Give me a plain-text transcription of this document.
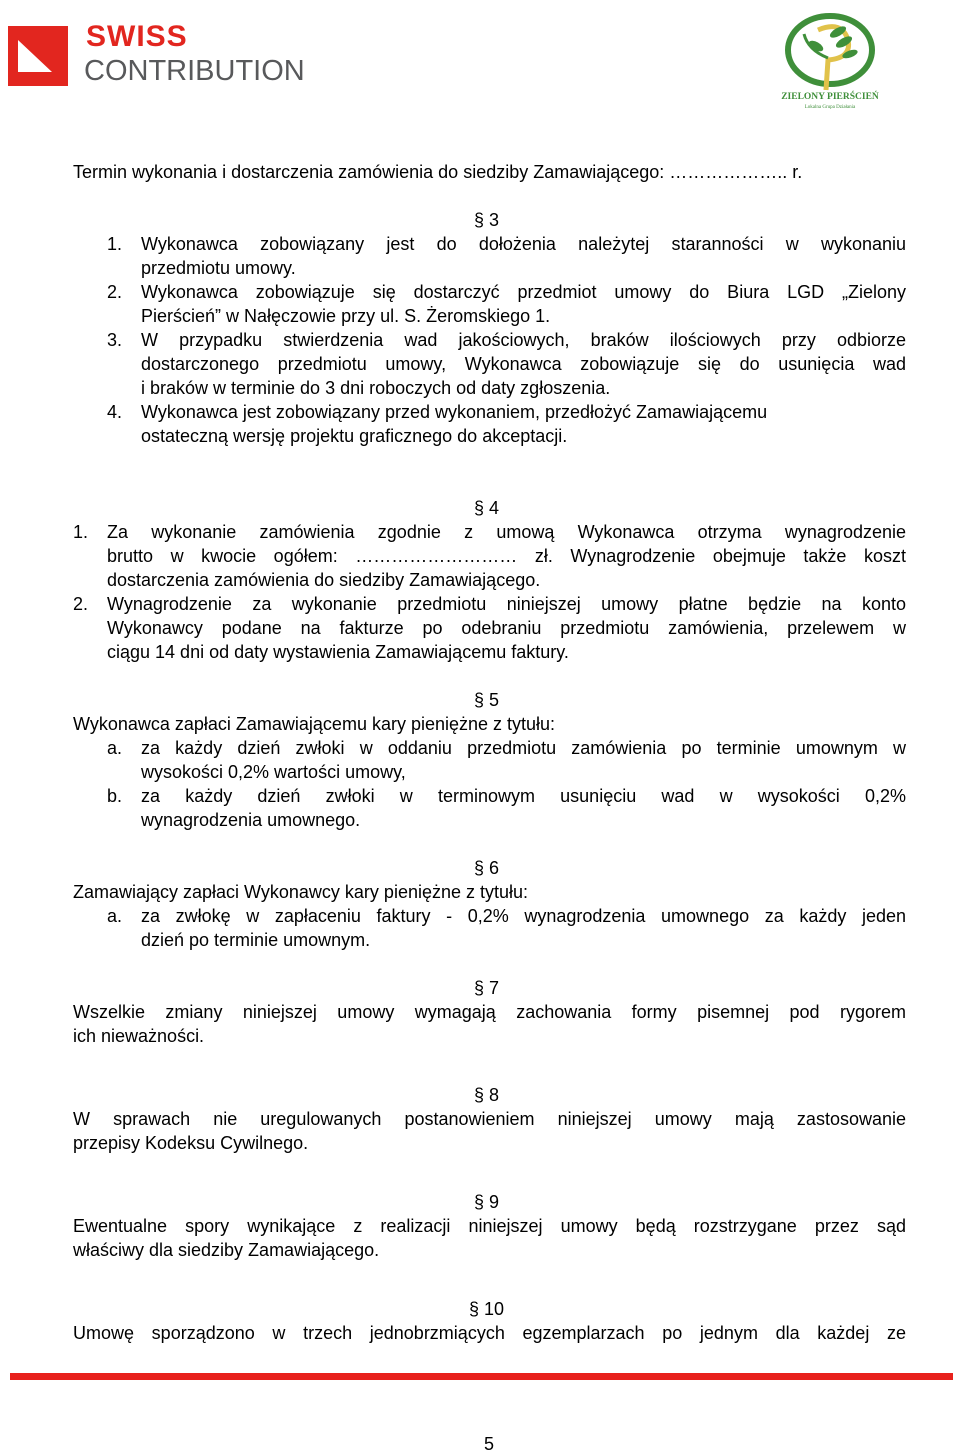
SWISS
CONTRIBUTION
ZIELONY PIERŚCIEŃ
Lokalna Grupa Działania
Termin wykonania i dostarczenia zamówienia do siedziby Zamawiającego: ……………….. r.
§ 3
1. Wykonawca zobowiązany jest do dołożenia należytej staranności w wykonaniu
przedmiotu umowy.
2. Wykonawca zobowiązuje się dostarczyć przedmiot umowy do Biura LGD „Zielony
Pierścień” w Nałęczowie przy ul. S. Żeromskiego 1.
3. W przypadku stwierdzenia wad jakościowych, braków ilościowych przy odbiorze
dostarczonego przedmiotu umowy, Wykonawca zobowiązuje się do usunięcia wad
i braków w terminie do 3 dni roboczych od daty zgłoszenia.
4. Wykonawca jest zobowiązany przed wykonaniem, przedłożyć Zamawiającemu
ostateczną wersję projektu graficznego do akceptacji.
§ 4
1. Za wykonanie zamówienia zgodnie z umową Wykonawca otrzyma wynagrodzenie
brutto w kwocie ogółem: ……………………… zł. Wynagrodzenie obejmuje także koszt
dostarczenia zamówienia do siedziby Zamawiającego.
2. Wynagrodzenie za wykonanie przedmiotu niniejszej umowy płatne będzie na konto
Wykonawcy podane na fakturze po odebraniu przedmiotu zamówienia, przelewem w
ciągu 14 dni od daty wystawienia Zamawiającemu faktury.
§ 5
Wykonawca zapłaci Zamawiającemu kary pieniężne z tytułu:
a. za każdy dzień zwłoki w oddaniu przedmiotu zamówienia po terminie umownym w
wysokości 0,2% wartości umowy,
b. za każdy dzień zwłoki w terminowym usunięciu wad w wysokości 0,2%
wynagrodzenia umownego.
§ 6
Zamawiający zapłaci Wykonawcy kary pieniężne z tytułu:
a. za zwłokę w zapłaceniu faktury - 0,2% wynagrodzenia umownego za każdy jeden
dzień po terminie umownym.
§ 7
Wszelkie zmiany niniejszej umowy wymagają zachowania formy pisemnej pod rygorem
ich nieważności.
§ 8
W sprawach nie uregulowanych postanowieniem niniejszej umowy mają zastosowanie
przepisy Kodeksu Cywilnego.
§ 9
Ewentualne spory wynikające z realizacji niniejszej umowy będą rozstrzygane przez sąd
właściwy dla siedziby Zamawiającego.
§ 10
Umowę sporządzono w trzech jednobrzmiących egzemplarzach po jednym dla każdej ze
5
